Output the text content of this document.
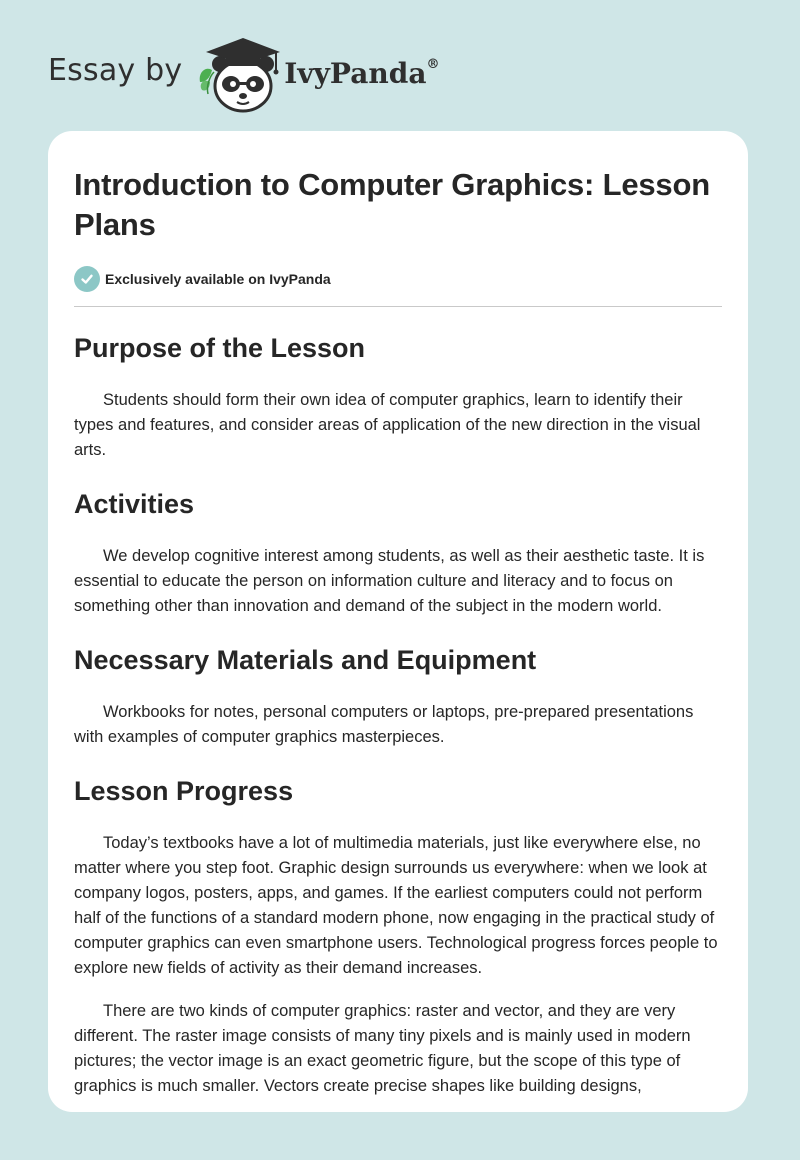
Essay by	IvyPanda®
Introduction to Computer Graphics: Lesson Plans
Exclusively available on IvyPanda
Purpose of the Lesson

Students should form their own idea of computer graphics, learn to identify their types and features, and consider areas of application of the new direction in the visual arts.

Activities

We develop cognitive interest among students, as well as their aesthetic taste. It is essential to educate the person on information culture and literacy and to focus on something other than innovation and demand of the subject in the modern world.

Necessary Materials and Equipment

Workbooks for notes, personal computers or laptops, pre-prepared presentations with examples of computer graphics masterpieces.

Lesson Progress

Today’s textbooks have a lot of multimedia materials, just like everywhere else, no matter where you step foot. Graphic design surrounds us everywhere: when we look at company logos, posters, apps, and games. If the earliest computers could not perform half of the functions of a standard modern phone, now engaging in the practical study of computer graphics can even smartphone users. Technological progress forces people to explore new fields of activity as their demand increases.

There are two kinds of computer graphics: raster and vector, and they are very different. The raster image consists of many tiny pixels and is mainly used in modern pictures; the vector image is an exact geometric figure, but the scope of this type of graphics is much smaller. Vectors create precise shapes like building designs,
